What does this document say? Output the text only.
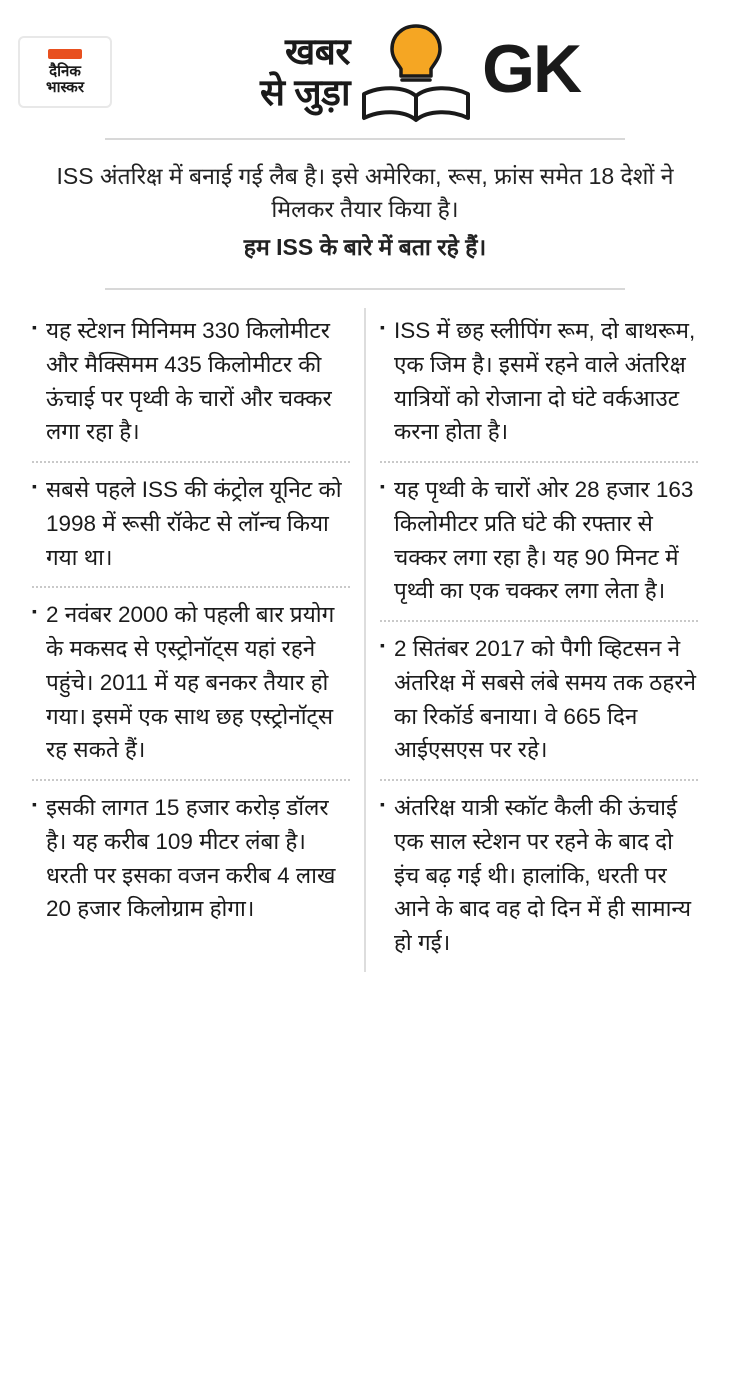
दैनिक
भास्कर
खबर
से जुड़ा GK
ISS अंतरिक्ष में बनाई गई लैब है। इसे अमेरिका, रूस, फ्रांस समेत 18 देशों ने मिलकर तैयार किया है।
हम ISS के बारे में बता रहे हैं।
▪ यह स्टेशन मिनिमम 330 किलोमीटर और मैक्सिमम 435 किलोमीटर की ऊंचाई पर पृथ्वी के चारों और चक्कर लगा रहा है।
▪ सबसे पहले ISS की कंट्रोल यूनिट को 1998 में रूसी रॉकेट से लॉन्च किया गया था।
▪ 2 नवंबर 2000 को पहली बार प्रयोग के मकसद से एस्ट्रोनॉट्स यहां रहने पहुंचे। 2011 में यह बनकर तैयार हो गया। इसमें एक साथ छह एस्ट्रोनॉट्स रह सकते हैं।
▪ इसकी लागत 15 हजार करोड़ डॉलर है। यह करीब 109 मीटर लंबा है। धरती पर इसका वजन करीब 4 लाख 20 हजार किलोग्राम होगा।
▪ ISS में छह स्लीपिंग रूम, दो बाथरूम, एक जिम है। इसमें रहने वाले अंतरिक्ष यात्रियों को रोजाना दो घंटे वर्कआउट करना होता है।
▪ यह पृथ्वी के चारों ओर 28 हजार 163 किलोमीटर प्रति घंटे की रफ्तार से चक्कर लगा रहा है। यह 90 मिनट में पृथ्वी का एक चक्कर लगा लेता है।
▪ 2 सितंबर 2017 को पैगी व्हिटसन ने अंतरिक्ष में सबसे लंबे समय तक ठहरने का रिकॉर्ड बनाया। वे 665 दिन आईएसएस पर रहे।
▪ अंतरिक्ष यात्री स्कॉट कैली की ऊंचाई एक साल स्टेशन पर रहने के बाद दो इंच बढ़ गई थी। हालांकि, धरती पर आने के बाद वह दो दिन में ही सामान्य हो गई।
